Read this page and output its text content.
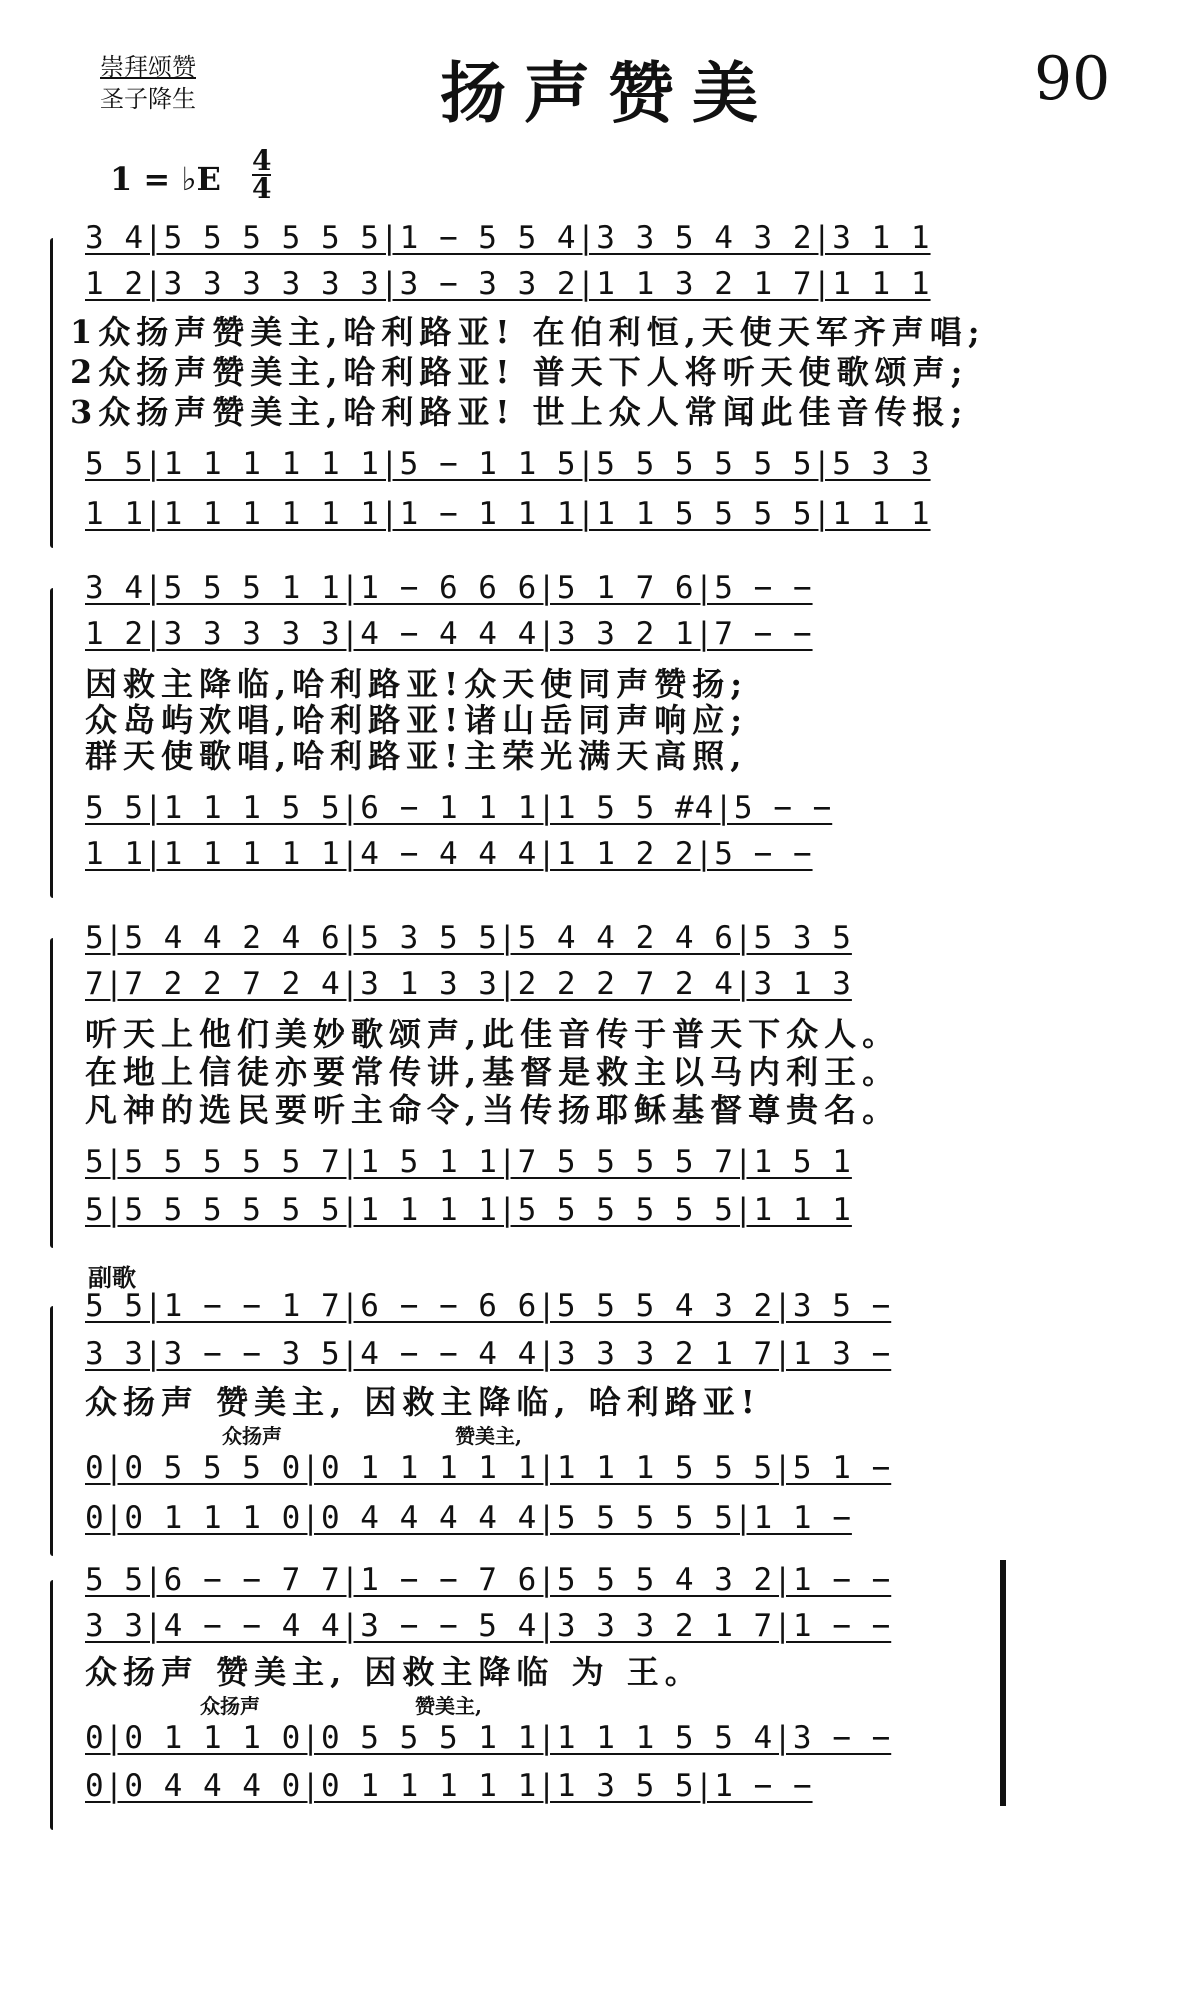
崇拜颂赞
圣子降生	扬声赞美	90
1 = ♭E 4
4
3 4|5 5 5 5 5 5|1 − 5 5 4|3 3 5 4 3 2|3 1 1
1 2|3 3 3 3 3 3|3 − 3 3 2|1 1 3 2 1 7|1 1 1
1众扬声赞美主,哈利路亚! 在伯利恒,天使天军齐声唱;
2众扬声赞美主,哈利路亚! 普天下人将听天使歌颂声;
3众扬声赞美主,哈利路亚! 世上众人常闻此佳音传报;
5 5|1 1 1 1 1 1|5 − 1 1 5|5 5 5 5 5 5|5 3 3
1 1|1 1 1 1 1 1|1 − 1 1 1|1 1 5 5 5 5|1 1 1
3 4|5 5 5 1 1|1 − 6 6 6|5 1 7 6|5 − −
1 2|3 3 3 3 3|4 − 4 4 4|3 3 2 1|7 − −
因救主降临,哈利路亚!众天使同声赞扬;
众岛屿欢唱,哈利路亚!诸山岳同声响应;
群天使歌唱,哈利路亚!主荣光满天高照,
5 5|1 1 1 5 5|6 − 1 1 1|1 5 5 #4|5 − −
1 1|1 1 1 1 1|4 − 4 4 4|1 1 2 2|5 − −
5|5 4 4 2 4 6|5 3 5 5|5 4 4 2 4 6|5 3 5
7|7 2 2 7 2 4|3 1 3 3|2 2 2 7 2 4|3 1 3
听天上他们美妙歌颂声,此佳音传于普天下众人。
在地上信徒亦要常传讲,基督是救主以马内利王。
凡神的选民要听主命令,当传扬耶稣基督尊贵名。
5|5 5 5 5 5 7|1 5 1 1|7 5 5 5 5 7|1 5 1
5|5 5 5 5 5 5|1 1 1 1|5 5 5 5 5 5|1 1 1
副歌
5 5|1 − − 1 7|6 − − 6 6|5 5 5 4 3 2|3 5 −
3 3|3 − − 3 5|4 − − 4 4|3 3 3 2 1 7|1 3 −
众扬声 赞美主, 因救主降临, 哈利路亚!
众扬声	赞美主,
0|0 5 5 5 0|0 1 1 1 1 1|1 1 1 5 5 5|5 1 −
0|0 1 1 1 0|0 4 4 4 4 4|5 5 5 5 5|1 1 −
5 5|6 − − 7 7|1 − − 7 6|5 5 5 4 3 2|1 − −
3 3|4 − − 4 4|3 − − 5 4|3 3 3 2 1 7|1 − −
众扬声 赞美主, 因救主降临 为 王。
众扬声	赞美主,
0|0 1 1 1 0|0 5 5 5 1 1|1 1 1 5 5 4|3 − −
0|0 4 4 4 0|0 1 1 1 1 1|1 3 5 5|1 − −
